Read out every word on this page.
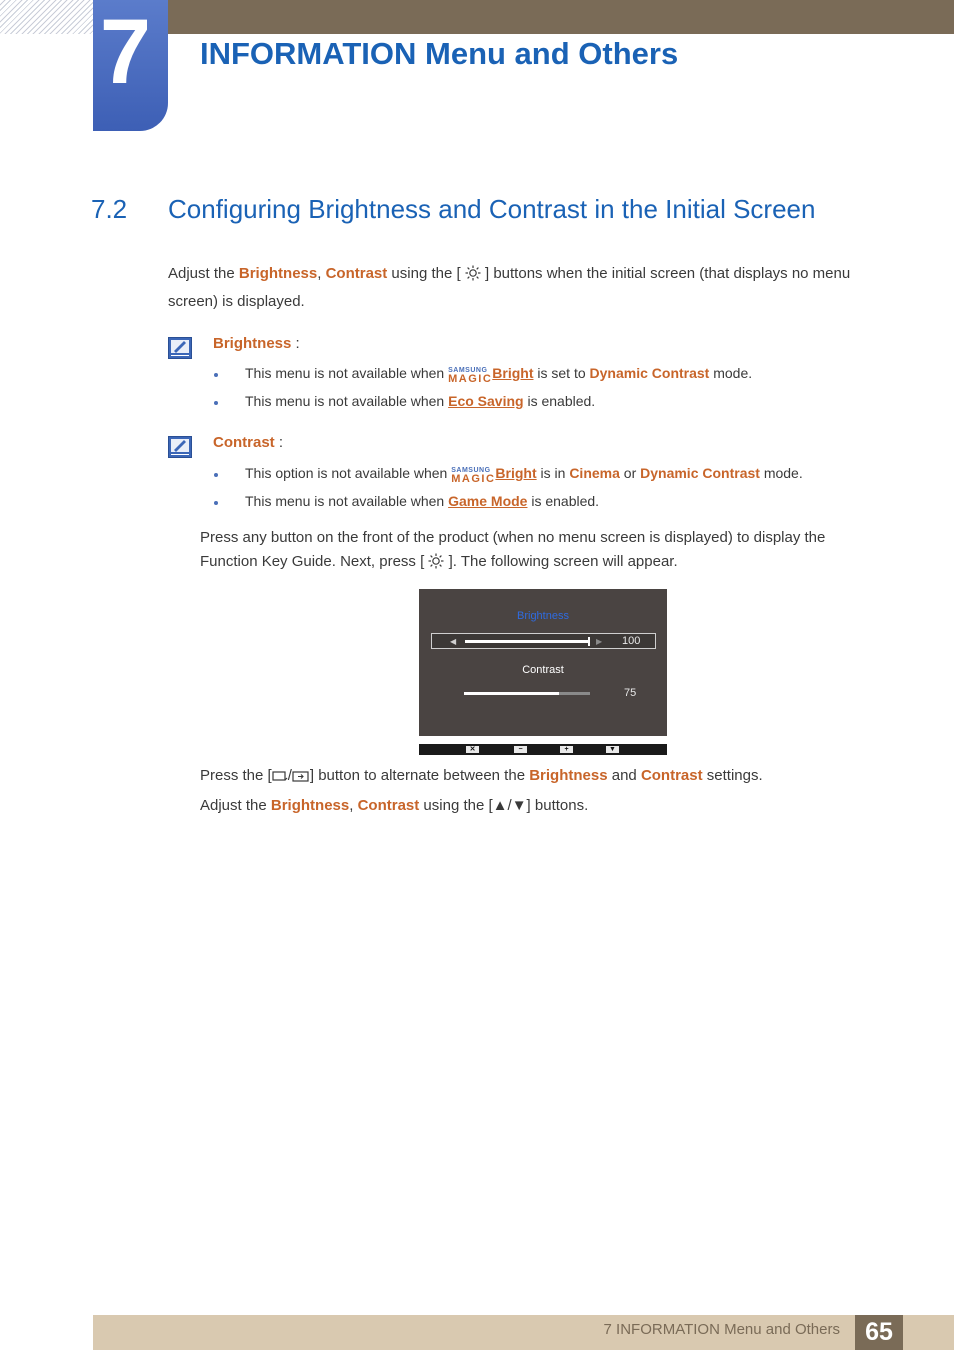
7 INFORMATION Menu and Others
7.2 Configuring Brightness and Contrast in the Initial Screen
Adjust the Brightness, Contrast using the [ ] buttons when the initial screen (that displays no menu
screen) is displayed.
Brightness :
This menu is not available when SAMSUNG
MAGIC Bright is set to Dynamic Contrast mode.
This menu is not available when Eco Saving is enabled.
Contrast :
This option is not available when SAMSUNG
MAGIC Bright is in Cinema or Dynamic Contrast mode.
This menu is not available when Game Mode is enabled.
Press any button on the front of the product (when no menu screen is displayed) to display the
Function Key Guide. Next, press [ ]. The following screen will appear.
Brightness
◀	▶ 100
Contrast
75
✕	−	+	▼
Press the [ / ] button to alternate between the Brightness and Contrast settings.
Adjust the Brightness, Contrast using the [▲/▼] buttons.
7 INFORMATION Menu and Others	65
